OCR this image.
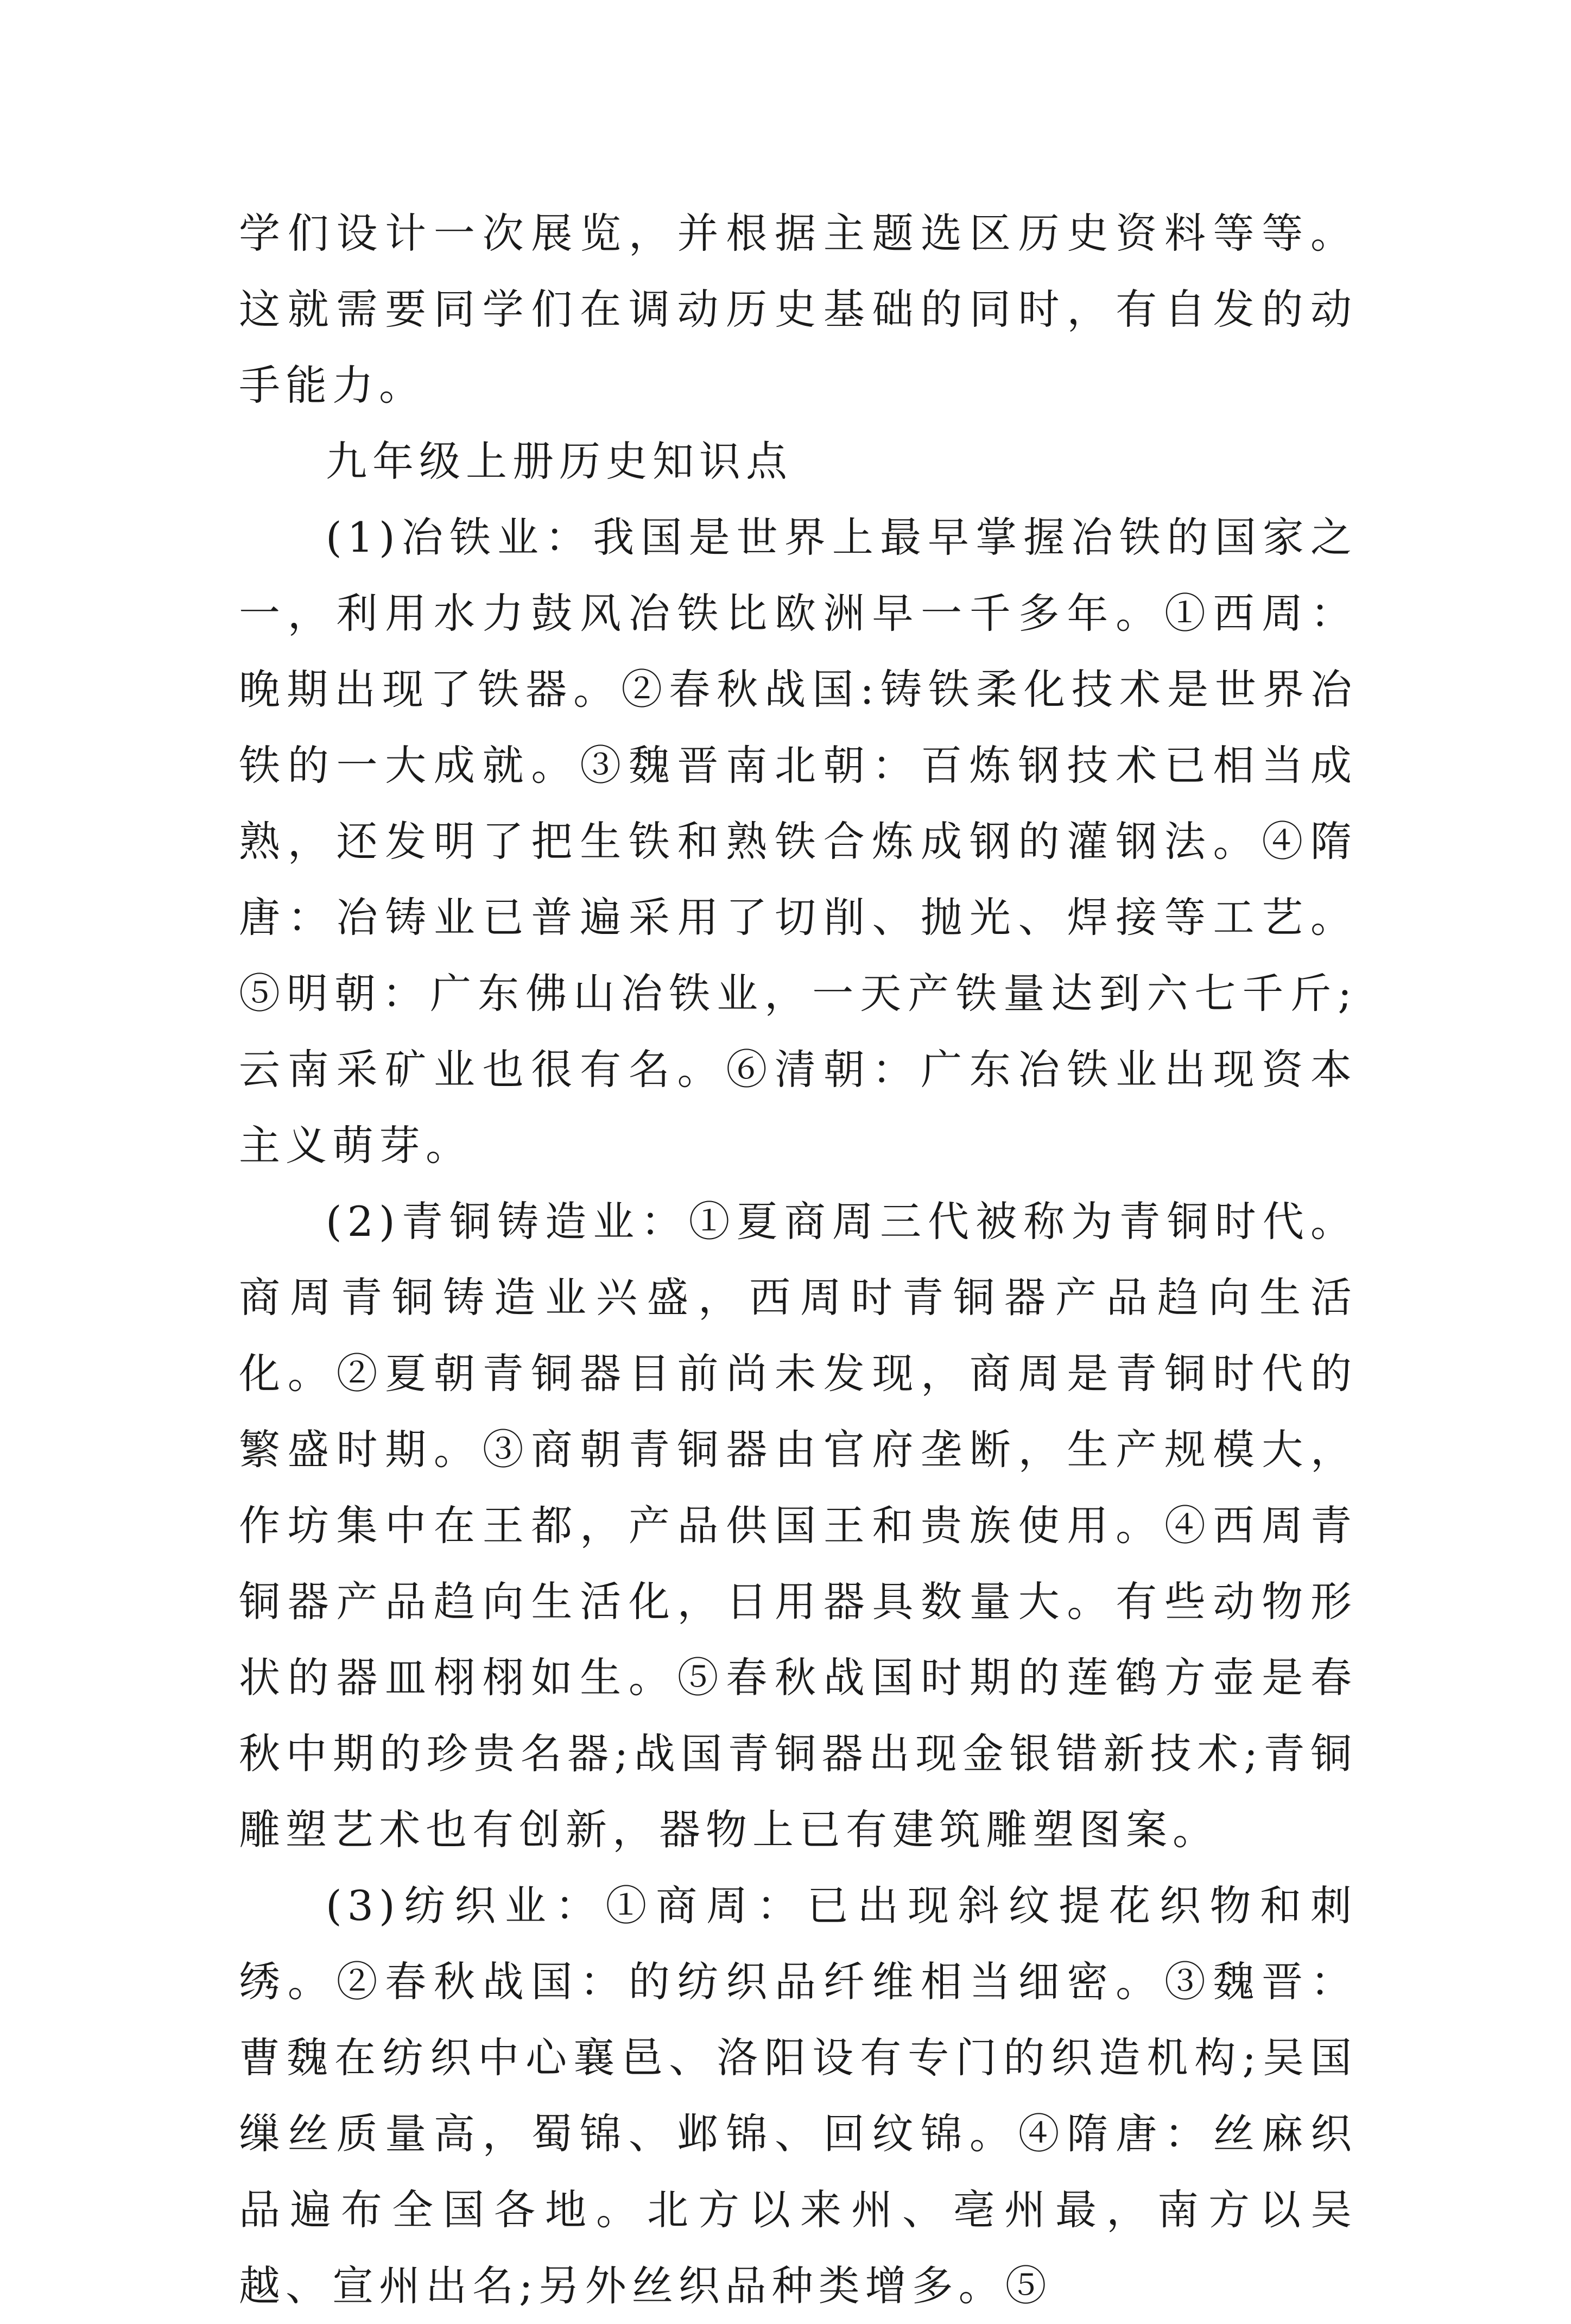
学们设计一次展览，并根据主题选区历史资料等等。这就需要同学们在调动历史基础的同时，有自发的动手能力。

九年级上册历史知识点

(1)冶铁业：我国是世界上最早掌握冶铁的国家之一，利用水力鼓风冶铁比欧洲早一千多年。①西周：晚期出现了铁器。②春秋战国:铸铁柔化技术是世界冶铁的一大成就。③魏晋南北朝：百炼钢技术已相当成熟，还发明了把生铁和熟铁合炼成钢的灌钢法。④隋唐：冶铸业已普遍采用了切削、抛光、焊接等工艺。⑤明朝：广东佛山冶铁业，一天产铁量达到六七千斤;云南采矿业也很有名。⑥清朝：广东冶铁业出现资本主义萌芽。

(2)青铜铸造业：①夏商周三代被称为青铜时代。商周青铜铸造业兴盛，西周时青铜器产品趋向生活化。②夏朝青铜器目前尚未发现，商周是青铜时代的繁盛时期。③商朝青铜器由官府垄断，生产规模大，作坊集中在王都，产品供国王和贵族使用。④西周青铜器产品趋向生活化，日用器具数量大。有些动物形状的器皿栩栩如生。⑤春秋战国时期的莲鹤方壶是春秋中期的珍贵名器;战国青铜器出现金银错新技术;青铜雕塑艺术也有创新，器物上已有建筑雕塑图案。

(3)纺织业：①商周：已出现斜纹提花织物和刺绣。②春秋战国：的纺织品纤维相当细密。③魏晋：曹魏在纺织中心襄邑、洛阳设有专门的织造机构;吴国缫丝质量高，蜀锦、邺锦、回纹锦。④隋唐：丝麻织品遍布全国各地。北方以来州、亳州最，南方以吴越、宣州出名;另外丝织品种类增多。⑤
